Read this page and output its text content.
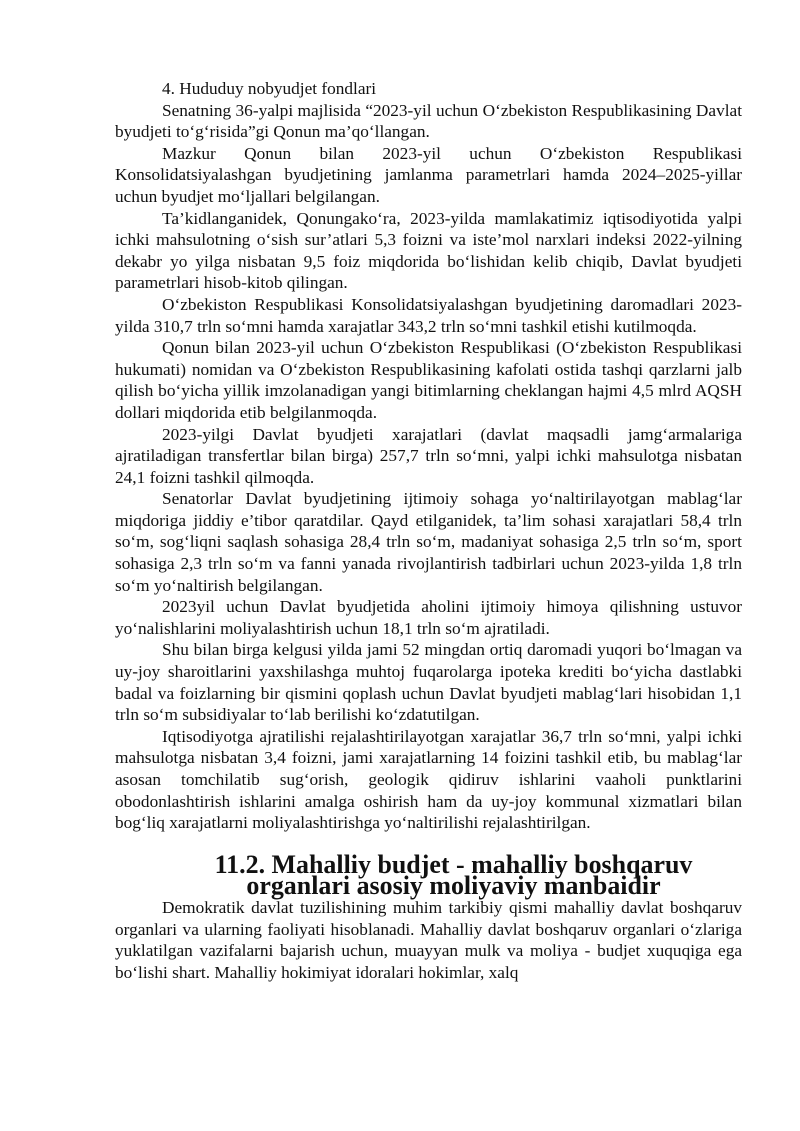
4. Hududuy nobyudjet fondlari

Senatning 36-yalpi majlisida “2023-yil uchun O‘zbekiston Respublikasining Davlat byudjeti to‘g‘risida”gi Qonun ma’qo‘llangan.

Mazkur Qonun bilan 2023-yil uchun O‘zbekiston Respublikasi Konsolidatsiyalashgan byudjetining jamlanma parametrlari hamda 2024–2025-yillar uchun byudjet mo‘ljallari belgilangan.

Ta’kidlanganidek, Qonungako‘ra, 2023-yilda mamlakatimiz iqtisodiyotida yalpi ichki mahsulotning o‘sish sur’atlari 5,3 foizni va iste’mol narxlari indeksi 2022-yilning dekabr yo yilga nisbatan 9,5 foiz miqdorida bo‘lishidan kelib chiqib, Davlat byudjeti parametrlari hisob-kitob qilingan.

O‘zbekiston Respublikasi Konsolidatsiyalashgan byudjetining daromadlari 2023-yilda 310,7 trln so‘mni hamda xarajatlar 343,2 trln so‘mni tashkil etishi kutilmoqda.

Qonun bilan 2023-yil uchun O‘zbekiston Respublikasi (O‘zbekiston Respublikasi hukumati) nomidan va O‘zbekiston Respublikasining kafolati ostida tashqi qarzlarni jalb qilish bo‘yicha yillik imzolanadigan yangi bitimlarning cheklangan hajmi 4,5 mlrd AQSH dollari miqdorida etib belgilanmoqda.

2023-yilgi Davlat byudjeti xarajatlari (davlat maqsadli jamg‘armalariga ajratiladigan transfertlar bilan birga) 257,7 trln so‘mni, yalpi ichki mahsulotga nisbatan 24,1 foizni tashkil qilmoqda.

Senatorlar Davlat byudjetining ijtimoiy sohaga yo‘naltirilayotgan mablag‘lar miqdoriga jiddiy e’tibor qaratdilar. Qayd etilganidek, ta’lim sohasi xarajatlari 58,4 trln so‘m, sog‘liqni saqlash sohasiga 28,4 trln so‘m, madaniyat sohasiga 2,5 trln so‘m, sport sohasiga 2,3 trln so‘m va fanni yanada rivojlantirish tadbirlari uchun 2023-yilda 1,8 trln so‘m yo‘naltirish belgilangan.

2023yil uchun Davlat byudjetida aholini ijtimoiy himoya qilishning ustuvor yo‘nalishlarini moliyalashtirish uchun 18,1 trln so‘m ajratiladi.

Shu bilan birga kelgusi yilda jami 52 mingdan ortiq daromadi yuqori bo‘lmagan va uy-joy sharoitlarini yaxshilashga muhtoj fuqarolarga ipoteka krediti bo‘yicha dastlabki badal va foizlarning bir qismini qoplash uchun Davlat byudjeti mablag‘lari hisobidan 1,1 trln so‘m subsidiyalar to‘lab berilishi ko‘zdatutilgan.

Iqtisodiyotga ajratilishi rejalashtirilayotgan xarajatlar 36,7 trln so‘mni, yalpi ichki mahsulotga nisbatan 3,4 foizni, jami xarajatlarning 14 foizini tashkil etib, bu mablag‘lar asosan tomchilatib sug‘orish, geologik qidiruv ishlarini vaaholi punktlarini obodonlashtirish ishlarini amalga oshirish ham da uy-joy kommunal xizmatlari bilan bog‘liq xarajatlarni moliyalashtirishga yo‘naltirilishi rejalashtirilgan.

11.2. Mahalliy budjet - mahalliy boshqaruv organlari asosiy moliyaviy manbaidir

Demokratik davlat tuzilishining muhim tarkibiy qismi mahalliy davlat boshqaruv organlari va ularning faoliyati hisoblanadi. Mahalliy davlat boshqaruv organlari o‘zlariga yuklatilgan vazifalarni bajarish uchun, muayyan mulk va moliya - budjet xuquqiga ega bo‘lishi shart. Mahalliy hokimiyat idoralari hokimlar, xalq
